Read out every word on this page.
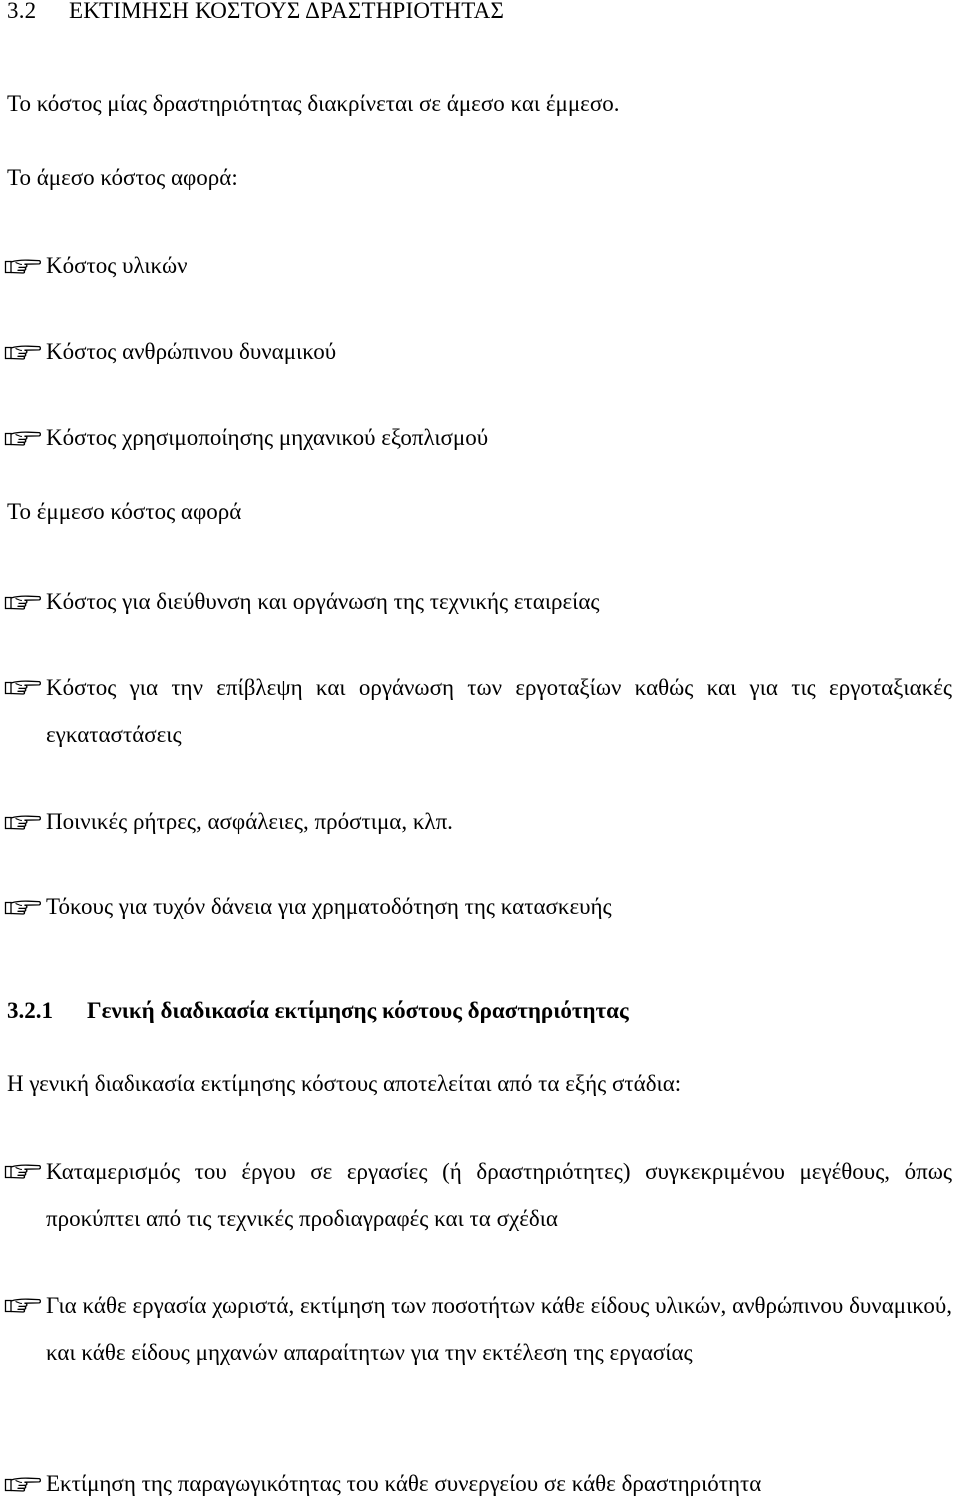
3.2 ΕΚΤΙΜΗΣΗ ΚΟΣΤΟΥΣ ΔΡΑΣΤΗΡΙΟΤΗΤΑΣ
Το κόστος μίας δραστηριότητας διακρίνεται σε άμεσο και έμμεσο.
Το άμεσο κόστος αφορά:
Κόστος υλικών
Κόστος ανθρώπινου δυναμικού
Κόστος χρησιμοποίησης μηχανικού εξοπλισμού
Το έμμεσο κόστος αφορά
Κόστος για διεύθυνση και οργάνωση της τεχνικής εταιρείας
Κόστος για την επίβλεψη και οργάνωση των εργοταξίων καθώς και για τις εργοταξιακές εγκαταστάσεις
Ποινικές ρήτρες, ασφάλειες, πρόστιμα, κλπ.
Τόκους για τυχόν δάνεια για χρηματοδότηση της κατασκευής
3.2.1 Γενική διαδικασία εκτίμησης κόστους δραστηριότητας
Η γενική διαδικασία εκτίμησης κόστους αποτελείται από τα εξής στάδια:
Καταμερισμός του έργου σε εργασίες (ή δραστηριότητες) συγκεκριμένου μεγέθους, όπως προκύπτει από τις τεχνικές προδιαγραφές και τα σχέδια
Για κάθε εργασία χωριστά, εκτίμηση των ποσοτήτων κάθε είδους υλικών, ανθρώπινου δυναμικού, και κάθε είδους μηχανών απαραίτητων για την εκτέλεση της εργασίας
Εκτίμηση της παραγωγικότητας του κάθε συνεργείου σε κάθε δραστηριότητα
